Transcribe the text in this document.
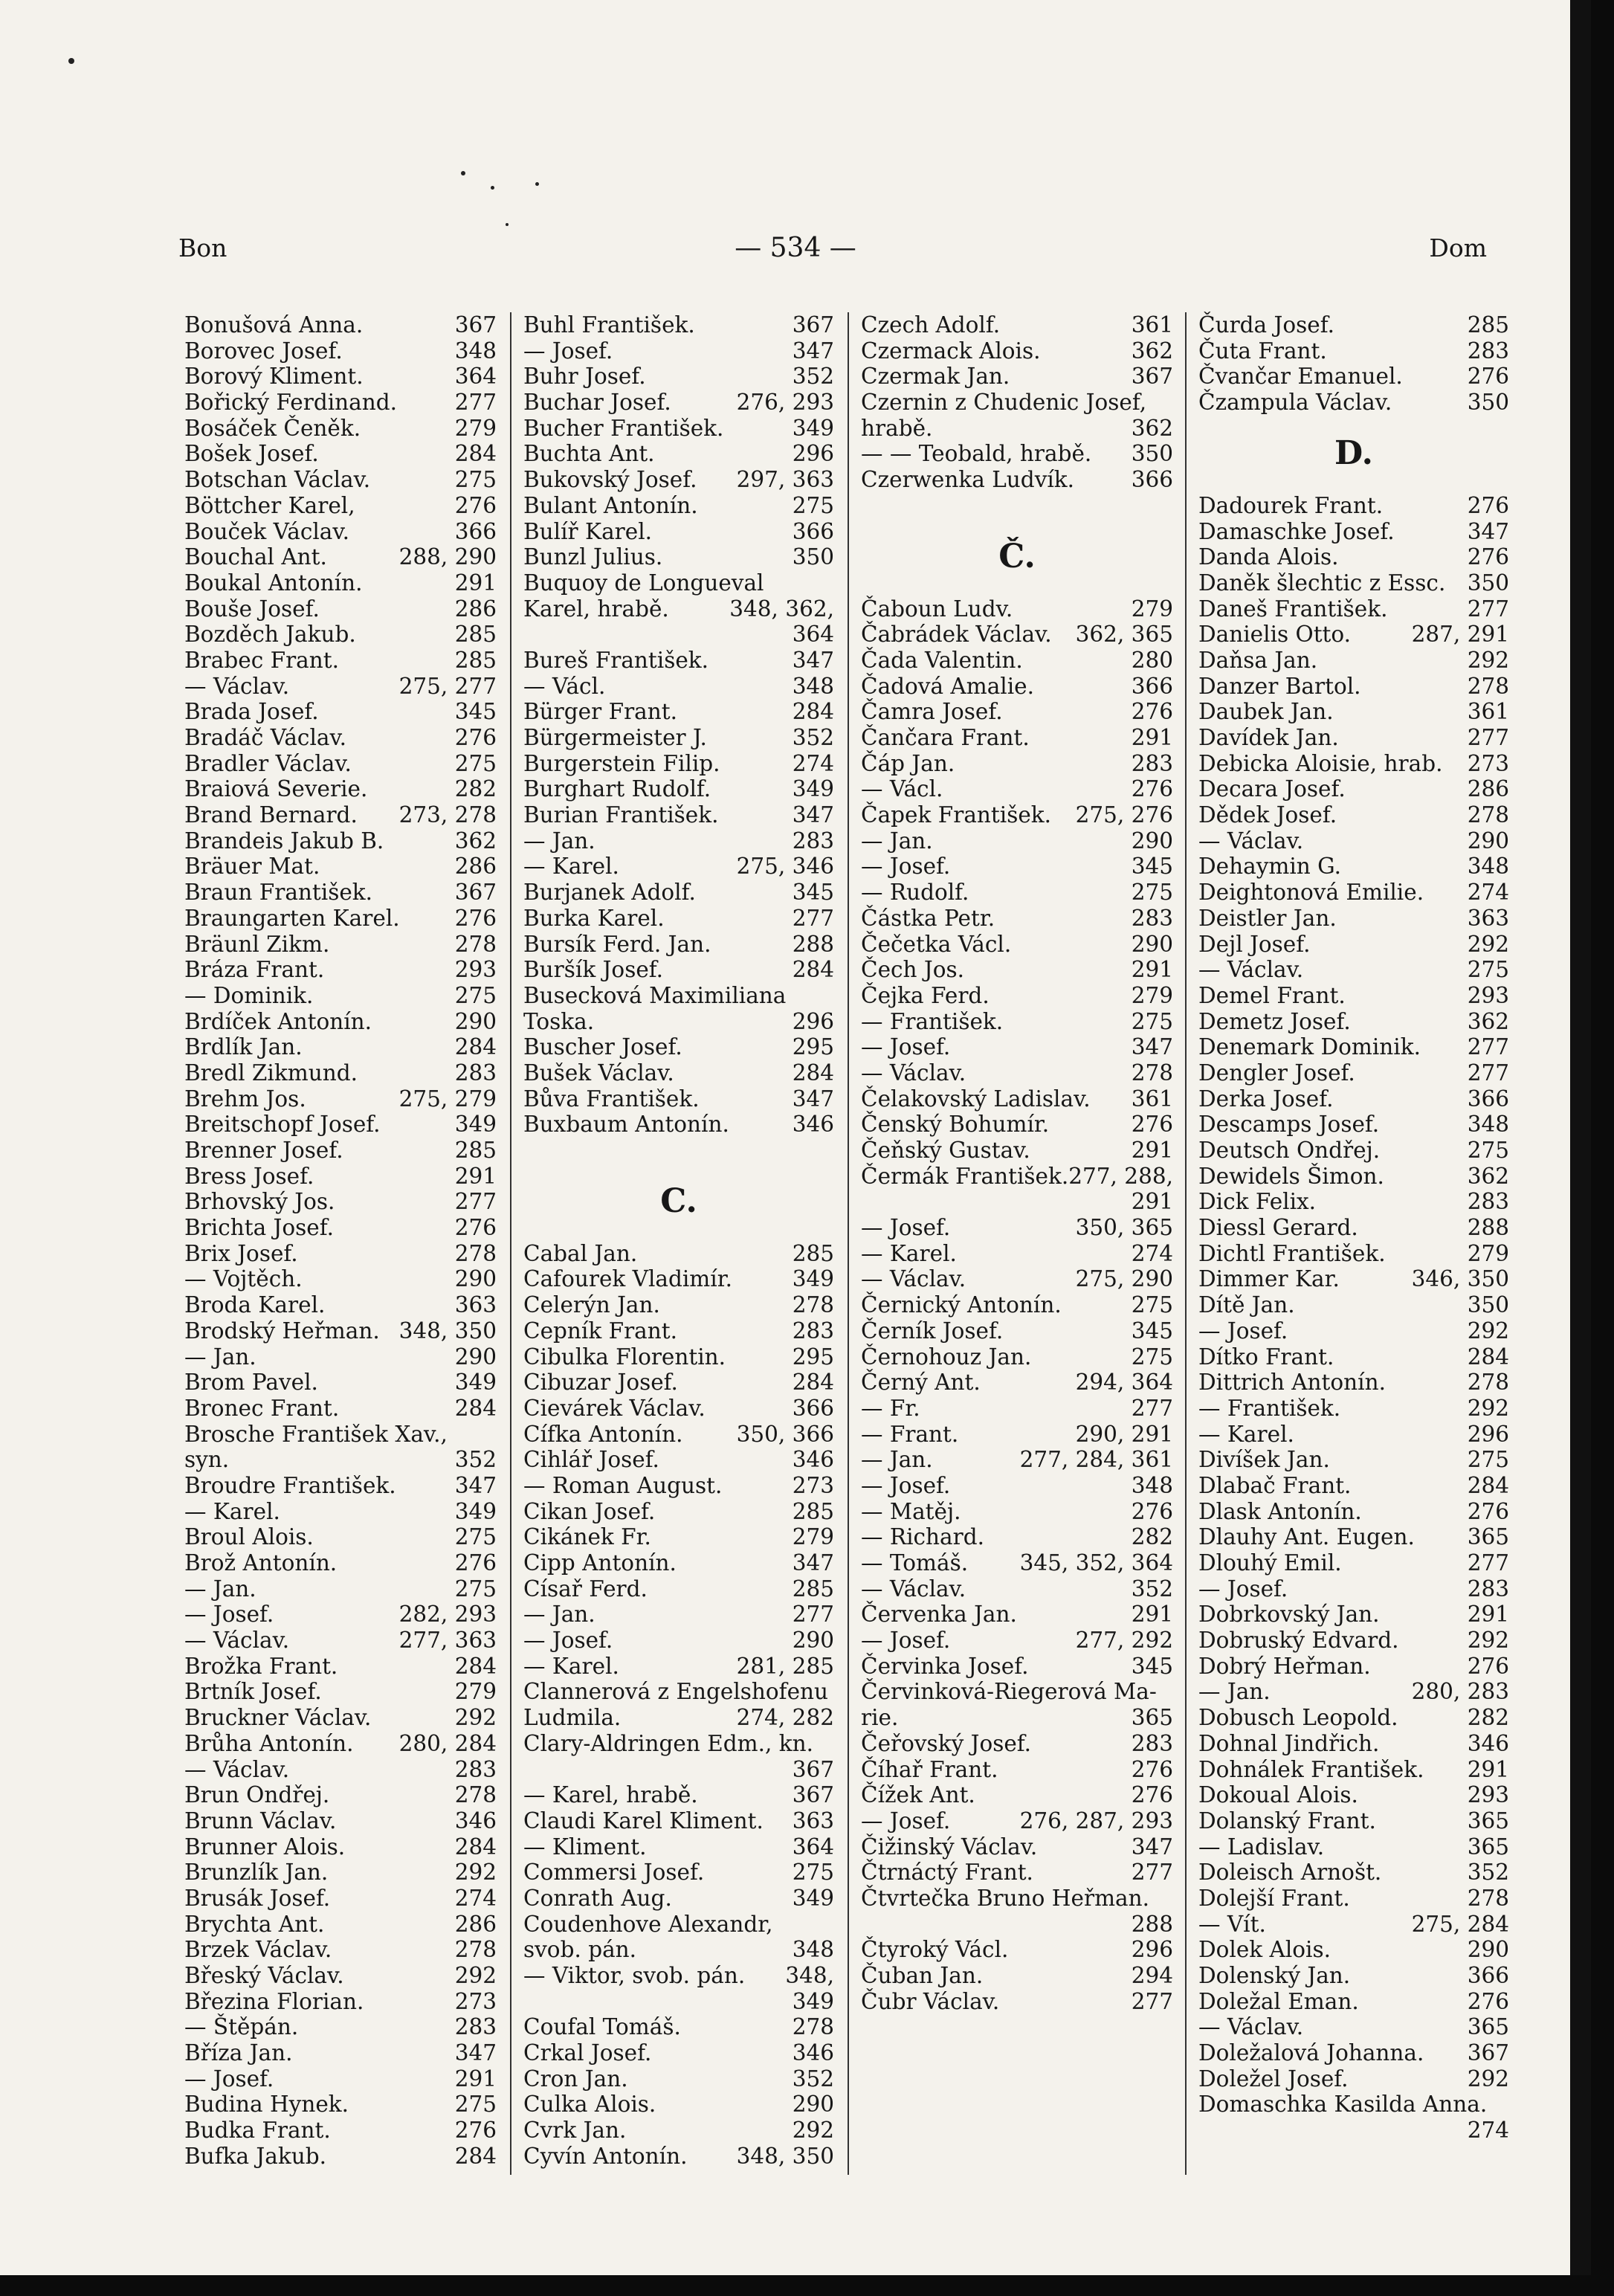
Bon	— 534 —	Dom
Bonušová Anna.	367
Borovec Josef.	348
Borový Kliment.	364
Bořický Ferdinand.	277
Bosáček Čeněk.	279
Bošek Josef.	284
Botschan Václav.	275
Böttcher Karel,	276
Bouček Václav.	366
Bouchal Ant.	288, 290
Boukal Antonín.	291
Bouše Josef.	286
Bozděch Jakub.	285
Brabec Frant.	285
— Václav.	275, 277
Brada Josef.	345
Bradáč Václav.	276
Bradler Václav.	275
Braiová Severie.	282
Brand Bernard. 273, 278
Brandeis Jakub B.	362
Bräuer Mat.	286
Braun František.	367
Braungarten Karel.	276
Bräunl Zikm.	278
Bráza Frant.	293
— Dominik.	275
Brdíček Antonín.	290
Brdlík Jan.	284
Bredl Zikmund.	283
Brehm Jos.	275, 279
Breitschopf Josef.	349
Brenner Josef.	285
Bress Josef.	291
Brhovský Jos.	277
Brichta Josef.	276
Brix Josef.	278
— Vojtěch.	290
Broda Karel.	363
Brodský Heřman. 348, 350
— Jan.	290
Brom Pavel.	349
Bronec Frant.	284
Brosche František Xav.,
syn.	352
Broudre František.	347
— Karel.	349
Broul Alois.	275
Brož Antonín.	276
— Jan.	275
— Josef.	282, 293
— Václav.	277, 363
Brožka Frant.	284
Brtník Josef.	279
Bruckner Václav.	292
Brůha Antonín. 280, 284
— Václav.	283
Brun Ondřej.	278
Brunn Václav.	346
Brunner Alois.	284
Brunzlík Jan.	292
Brusák Josef.	274
Brychta Ant.	286
Brzek Václav.	278
Břeský Václav.	292
Březina Florian.	273
— Štěpán.	283
Bříza Jan.	347
— Josef.	291
Budina Hynek.	275
Budka Frant.	276
Bufka Jakub.	284
Buhl František.	367
— Josef.	347
Buhr Josef.	352
Buchar Josef.	276, 293
Bucher František.	349
Buchta Ant.	296
Bukovský Josef. 297, 363
Bulant Antonín.	275
Bulíř Karel.	366
Bunzl Julius.	350
Buquoy de Longueval
Karel, hrabě.	348, 362,
364
Bureš František.	347
— Václ.	348
Bürger Frant.	284
Bürgermeister J.	352
Burgerstein Filip.	274
Burghart Rudolf.	349
Burian František.	347
— Jan.	283
— Karel.	275, 346
Burjanek Adolf.	345
Burka Karel.	277
Bursík Ferd. Jan.	288
Buršík Josef.	284
Busecková Maximiliana
Toska.	296
Buscher Josef.	295
Bušek Václav.	284
Bůva František.	347
Buxbaum Antonín.	346
C.
Cabal Jan.	285
Cafourek Vladimír.	349
Celerýn Jan.	278
Cepník Frant.	283
Cibulka Florentin.	295
Cibuzar Josef.	284
Cievárek Václav.	366
Cífka Antonín. 350, 366
Cihlář Josef.	346
— Roman August.	273
Cikan Josef.	285
Cikánek Fr.	279
Cipp Antonín.	347
Císař Ferd.	285
— Jan.	277
— Josef.	290
— Karel.	281, 285
Clannerová z Engelshofenu
Ludmila.	274, 282
Clary-Aldringen Edm., kn.
367
— Karel, hrabě.	367
Claudi Karel Kliment. 363
— Kliment.	364
Commersi Josef.	275
Conrath Aug.	349
Coudenhove Alexandr,
svob. pán.	348
— Viktor, svob. pán. 348,
349
Coufal Tomáš.	278
Crkal Josef.	346
Cron Jan.	352
Culka Alois.	290
Cvrk Jan.	292
Cyvín Antonín. 348, 350
Czech Adolf.	361
Czermack Alois.	362
Czermak Jan.	367
Czernin z Chudenic Josef,
hrabě.	362
— — Teobald, hrabě. 350
Czerwenka Ludvík.	366
Č.
Čaboun Ludv.	279
Čabrádek Václav. 362, 365
Čada Valentin.	280
Čadová Amalie.	366
Čamra Josef.	276
Čančara Frant.	291
Čáp Jan.	283
— Václ.	276
Čapek František. 275, 276
— Jan.	290
— Josef.	345
— Rudolf.	275
Částka Petr.	283
Čečetka Václ.	290
Čech Jos.	291
Čejka Ferd.	279
— František.	275
— Josef.	347
— Václav.	278
Čelakovský Ladislav. 361
Čenský Bohumír.	276
Čeňský Gustav.	291
Čermák František. 277, 288,
291
— Josef.	350, 365
— Karel.	274
— Václav.	275, 290
Černický Antonín.	275
Černík Josef.	345
Černohouz Jan.	275
Černý Ant.	294, 364
— Fr.	277
— Frant.	290, 291
— Jan.	277, 284, 361
— Josef.	348
— Matěj.	276
— Richard.	282
— Tomáš. 345, 352, 364
— Václav.	352
Červenka Jan.	291
— Josef.	277, 292
Červinka Josef.	345
Červinková-Riegerová Ma-
rie.	365
Čeřovský Josef.	283
Číhař Frant.	276
Čížek Ant.	276
— Josef.	276, 287, 293
Čižinský Václav.	347
Čtrnáctý Frant.	277
Čtvrtečka Bruno Heřman.
288
Čtyroký Václ.	296
Čuban Jan.	294
Čubr Václav.	277
Čurda Josef.	285
Čuta Frant.	283
Čvančar Emanuel.	276
Čzampula Václav.	350
D.
Dadourek Frant.	276
Damaschke Josef.	347
Danda Alois.	276
Daněk šlechtic z Essc. 350
Daneš František.	277
Danielis Otto.	287, 291
Daňsa Jan.	292
Danzer Bartol.	278
Daubek Jan.	361
Davídek Jan.	277
Debicka Aloisie, hrab. 273
Decara Josef.	286
Dědek Josef.	278
— Václav.	290
Dehaymin G.	348
Deightonová Emilie. 274
Deistler Jan.	363
Dejl Josef.	292
— Václav.	275
Demel Frant.	293
Demetz Josef.	362
Denemark Dominik. 277
Dengler Josef.	277
Derka Josef.	366
Descamps Josef.	348
Deutsch Ondřej.	275
Dewidels Šimon.	362
Dick Felix.	283
Diessl Gerard.	288
Dichtl František.	279
Dimmer Kar.	346, 350
Dítě Jan.	350
— Josef.	292
Dítko Frant.	284
Dittrich Antonín.	278
— František.	292
— Karel.	296
Divíšek Jan.	275
Dlabač Frant.	284
Dlask Antonín.	276
Dlauhy Ant. Eugen. 365
Dlouhý Emil.	277
— Josef.	283
Dobrkovský Jan.	291
Dobruský Edvard.	292
Dobrý Heřman.	276
— Jan.	280, 283
Dobusch Leopold.	282
Dohnal Jindřich.	346
Dohnálek František. 291
Dokoual Alois.	293
Dolanský Frant.	365
— Ladislav.	365
Doleisch Arnošt.	352
Dolejší Frant.	278
— Vít.	275, 284
Dolek Alois.	290
Dolenský Jan.	366
Doležal Eman.	276
— Václav.	365
Doležalová Johanna. 367
Doležel Josef.	292
Domaschka Kasilda Anna.
274
